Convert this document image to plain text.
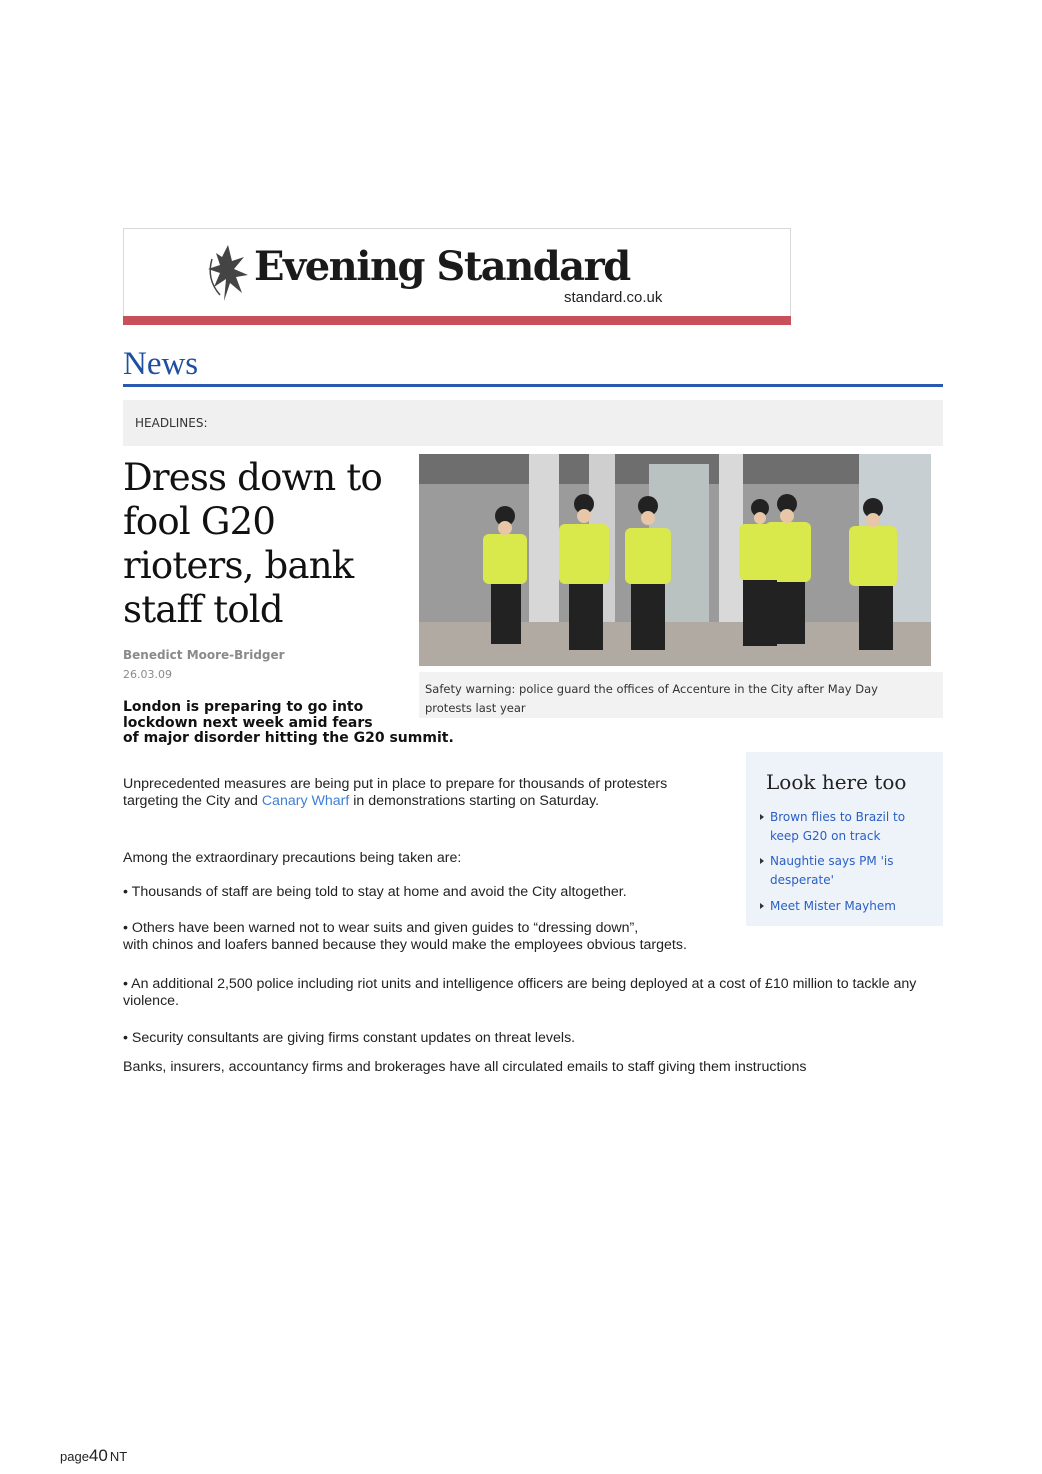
Evening Standard
standard.co.uk
News
HEADLINES:
Dress down to fool G20 rioters, bank staff told
Benedict Moore-Bridger
26.03.09
Safety warning: police guard the offices of Accenture in the City after May Day protests last year
London is preparing to go into
lockdown next week amid fears
of major disorder hitting the G20 summit.
Unprecedented measures are being put in place to prepare for thousands of protesters targeting the City and Canary Wharf in demonstrations starting on Saturday.
Among the extraordinary precautions being taken are:
• Thousands of staff are being told to stay at home and avoid the City altogether.
• Others have been warned not to wear suits and given guides to “dressing down”,
with chinos and loafers banned because they would make the employees obvious targets.
• An additional 2,500 police including riot units and intelligence officers are being deployed at a cost of £10 million to tackle any violence.
• Security consultants are giving firms constant updates on threat levels.
Banks, insurers, accountancy firms and brokerages have all circulated emails to staff giving them instructions
Look here too
Brown flies to Brazil to keep G20 on track
Naughtie says PM 'is desperate'
Meet Mister Mayhem
page40 NT
